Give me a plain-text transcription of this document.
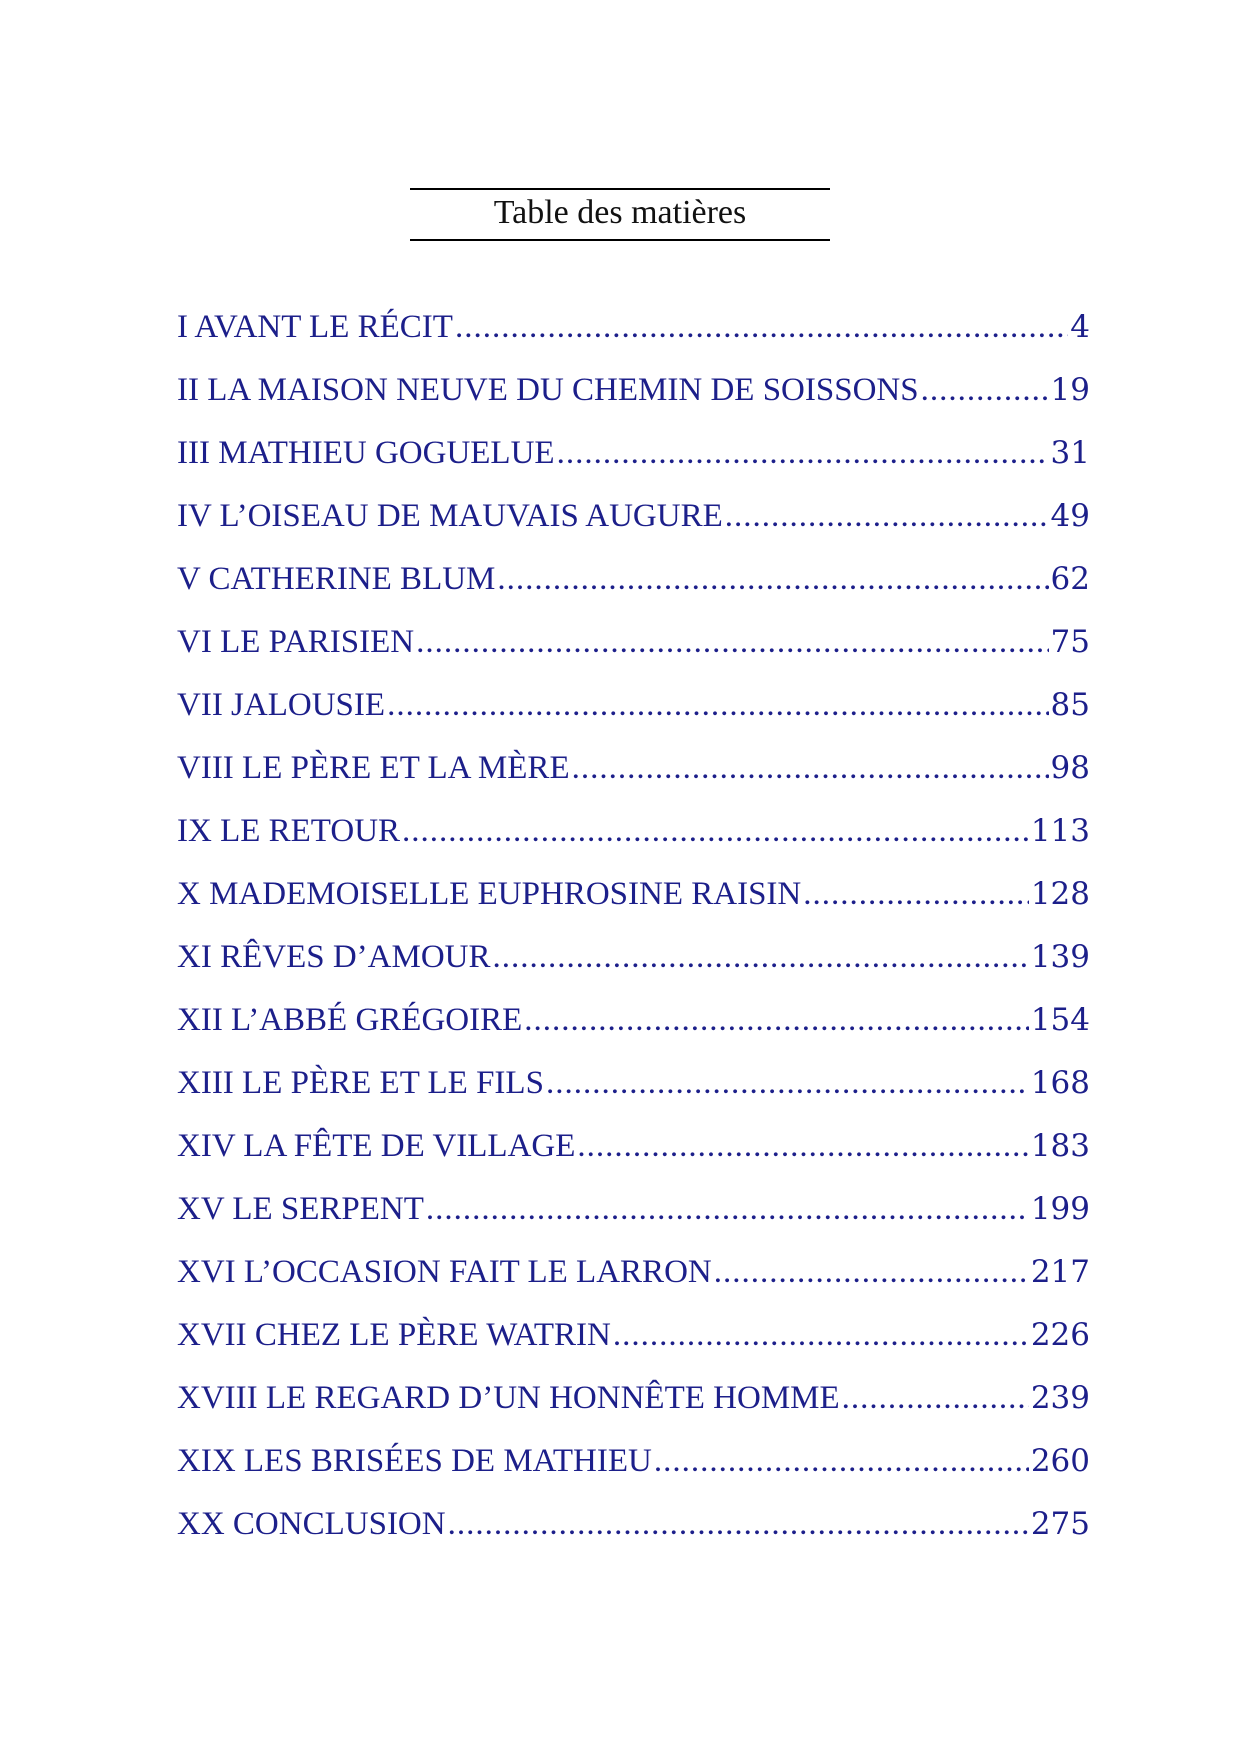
Table des matières
I AVANT LE RÉCIT .....	4
II LA MAISON NEUVE DU CHEMIN DE SOISSONS .....	19
III MATHIEU GOGUELUE .....	31
IV L’OISEAU DE MAUVAIS AUGURE .....	49
V CATHERINE BLUM .....	62
VI LE PARISIEN .....	75
VII JALOUSIE .....	85
VIII LE PÈRE ET LA MÈRE .....	98
IX LE RETOUR .....	113
X MADEMOISELLE EUPHROSINE RAISIN .....	128
XI RÊVES D’AMOUR .....	139
XII L’ABBÉ GRÉGOIRE .....	154
XIII LE PÈRE ET LE FILS .....	168
XIV LA FÊTE DE VILLAGE .....	183
XV LE SERPENT .....	199
XVI L’OCCASION FAIT LE LARRON .....	217
XVII CHEZ LE PÈRE WATRIN .....	226
XVIII LE REGARD D’UN HONNÊTE HOMME .....	239
XIX LES BRISÉES DE MATHIEU .....	260
XX CONCLUSION .....	275
